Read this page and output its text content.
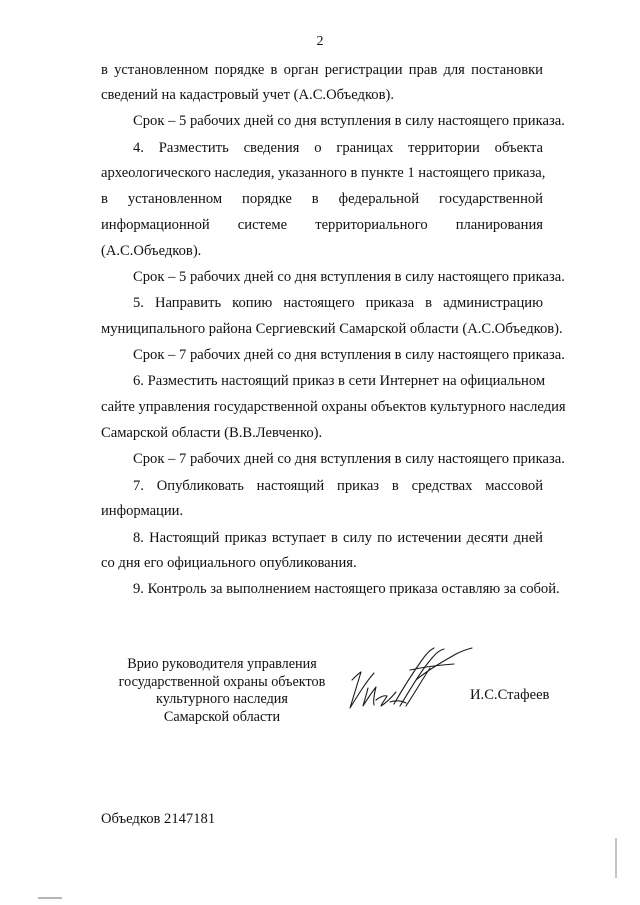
2
в установленном порядке в орган регистрации прав для постановки
сведений на кадастровый учет (А.С.Объедков).
Срок – 5 рабочих дней со дня вступления в силу настоящего приказа.
4. Разместить сведения о границах территории объекта
археологического наследия, указанного в пункте 1 настоящего приказа,
в установленном порядке в федеральной государственной
информационной системе территориального планирования
(А.С.Объедков).
Срок – 5 рабочих дней со дня вступления в силу настоящего приказа.
5. Направить копию настоящего приказа в администрацию
муниципального района Сергиевский Самарской области (А.С.Объедков).
Срок – 7 рабочих дней со дня вступления в силу настоящего приказа.
6. Разместить настоящий приказ в сети Интернет на официальном
сайте управления государственной охраны объектов культурного наследия
Самарской области (В.В.Левченко).
Срок – 7 рабочих дней со дня вступления в силу настоящего приказа.
7. Опубликовать настоящий приказ в средствах массовой
информации.
8. Настоящий приказ вступает в силу по истечении десяти дней
со дня его официального опубликования.
9. Контроль за выполнением настоящего приказа оставляю за собой.
Врио руководителя управления
государственной охраны объектов
культурного наследия
Самарской области
И.С.Стафеев
Объедков 2147181
